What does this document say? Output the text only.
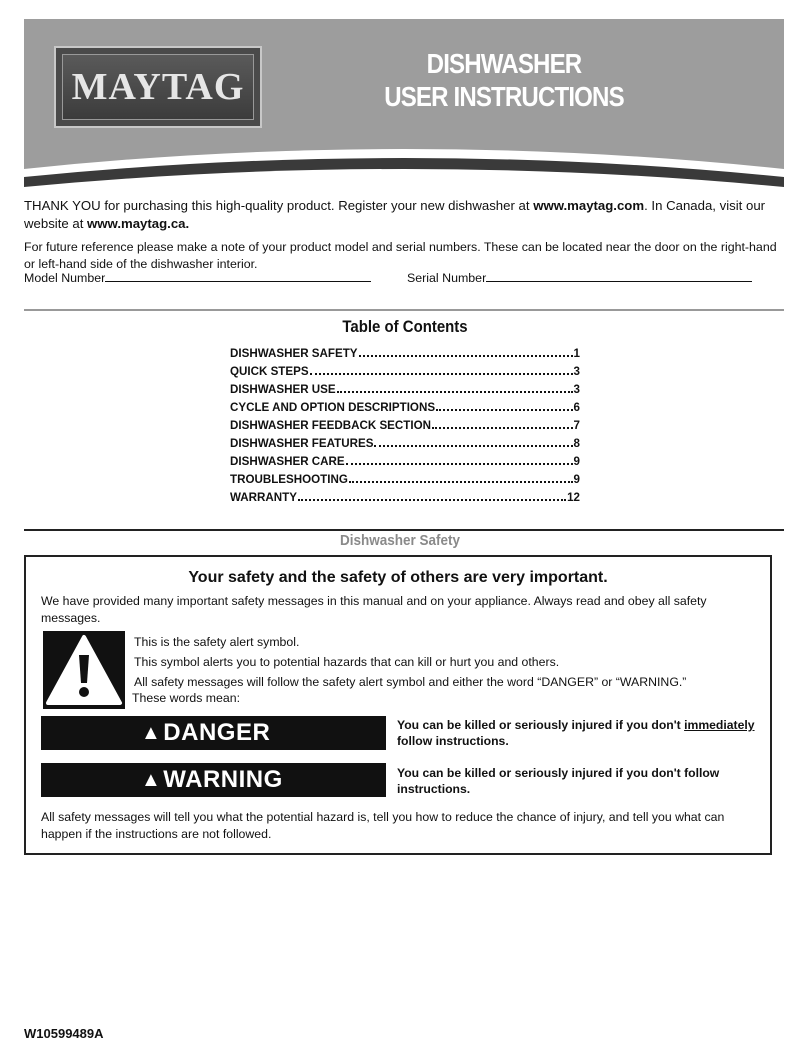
MAYTAG
DISHWASHER
USER INSTRUCTIONS

THANK YOU for purchasing this high-quality product. Register your new dishwasher at www.maytag.com. In Canada, visit our website at www.maytag.ca.

For future reference please make a note of your product model and serial numbers. These can be located near the door on the right-hand or left-hand side of the dishwasher interior.

Model Number	Serial Number
Table of Contents
DISHWASHER SAFETY	1
QUICK STEPS	3
DISHWASHER USE	3
CYCLE AND OPTION DESCRIPTIONS	6
DISHWASHER FEEDBACK SECTION	7
DISHWASHER FEATURES	8
DISHWASHER CARE	9
TROUBLESHOOTING	9
WARRANTY	12
Dishwasher Safety
Your safety and the safety of others are very important.
We have provided many important safety messages in this manual and on your appliance. Always read and obey all safety messages.
This is the safety alert symbol.
This symbol alerts you to potential hazards that can kill or hurt you and others.
All safety messages will follow the safety alert symbol and either the word “DANGER” or “WARNING.”
These words mean:
▲ DANGER	You can be killed or seriously injured if you don't immediately follow instructions.
▲ WARNING	You can be killed or seriously injured if you don't follow instructions.
All safety messages will tell you what the potential hazard is, tell you how to reduce the chance of injury, and tell you what can happen if the instructions are not followed.
W10599489A
